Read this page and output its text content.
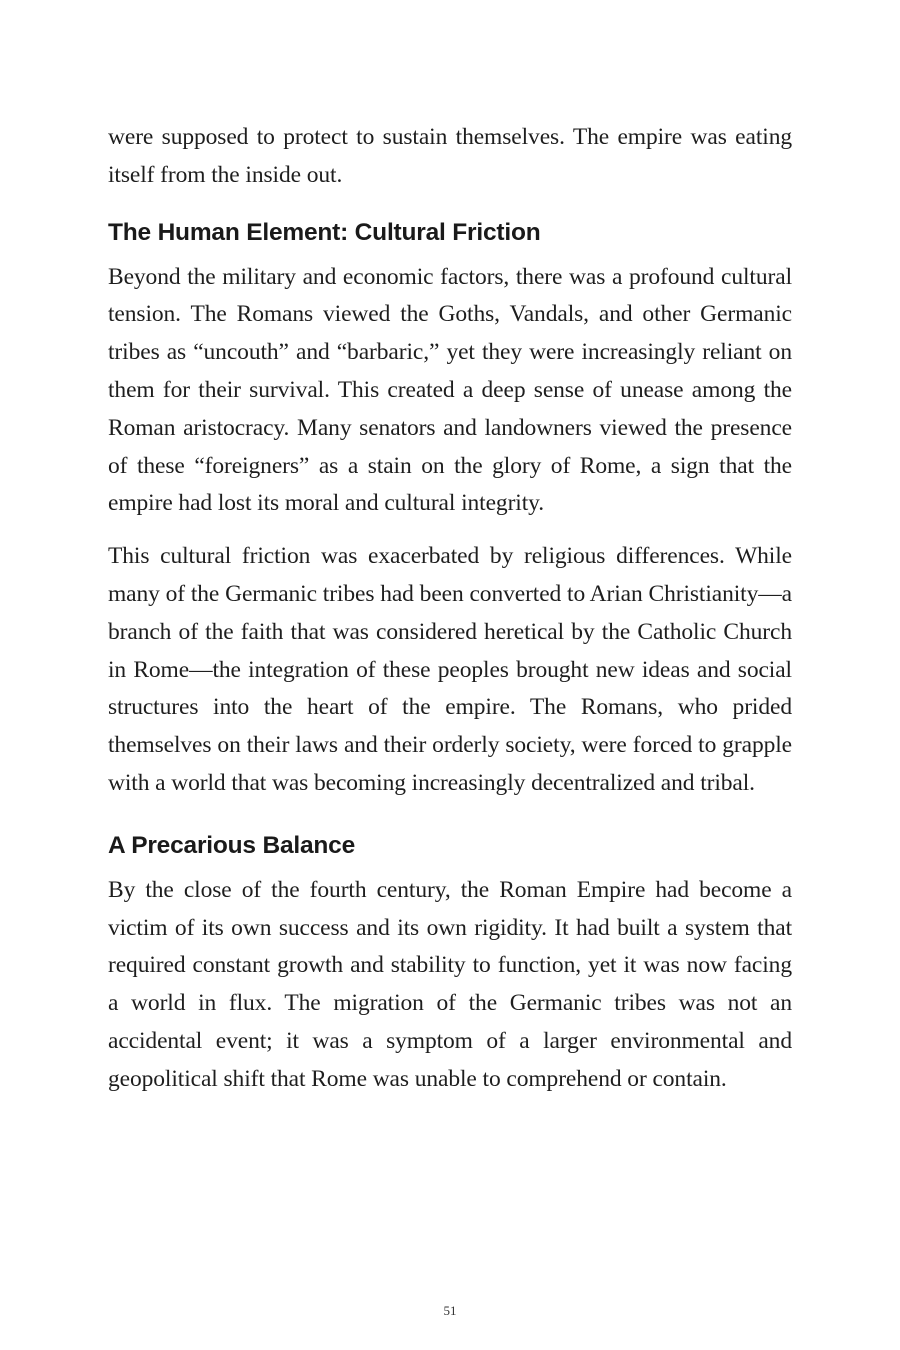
were supposed to protect to sustain themselves. The empire was eating itself from the inside out.

The Human Element: Cultural Friction

Beyond the military and economic factors, there was a profound cultural tension. The Romans viewed the Goths, Vandals, and other Germanic tribes as “uncouth” and “barbaric,” yet they were increasingly reliant on them for their survival. This created a deep sense of unease among the Roman aristocracy. Many senators and landowners viewed the presence of these “foreigners” as a stain on the glory of Rome, a sign that the empire had lost its moral and cultural integrity.

This cultural friction was exacerbated by religious differences. While many of the Germanic tribes had been converted to Arian Christianity—a branch of the faith that was considered heretical by the Catholic Church in Rome—the integration of these peoples brought new ideas and social structures into the heart of the empire. The Romans, who prided themselves on their laws and their orderly society, were forced to grapple with a world that was becoming increasingly decentralized and tribal.

A Precarious Balance

By the close of the fourth century, the Roman Empire had become a victim of its own success and its own rigidity. It had built a system that required constant growth and stability to function, yet it was now facing a world in flux. The migration of the Germanic tribes was not an accidental event; it was a symptom of a larger environmental and geopolitical shift that Rome was unable to comprehend or contain.

51
